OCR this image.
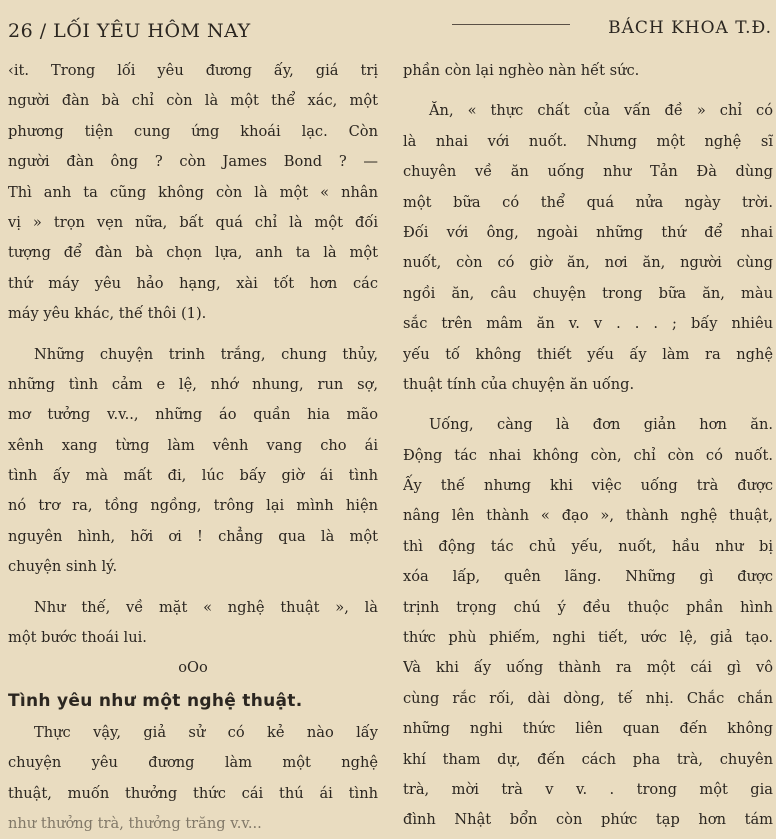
26 / LỐI YÊU HÔM NAY	BÁCH KHOA T.Đ.
‹it. Trong lối yêu đương ấy, giá trị
người đàn bà chỉ còn là một thể xác, một
phương tiện cung ứng khoái lạc. Còn
người đàn ông ? còn James Bond ? —
Thì anh ta cũng không còn là một « nhân
vị » trọn vẹn nữa, bất quá chỉ là một đối
tượng để đàn bà chọn lựa, anh ta là một
thứ máy yêu hảo hạng, xài tốt hơn các
máy yêu khác, thế thôi (1).
Những chuyện trinh trắng, chung thủy,
những tình cảm e lệ, nhớ nhung, run sợ,
mơ tưởng v.v.., những áo quần hia mão
xênh xang từng làm vênh vang cho ái
tình ấy mà mất đi, lúc bấy giờ ái tình
nó trơ ra, tồng ngồng, trông lại mình hiện
nguyên hình, hỡi ơi ! chẳng qua là một
chuyện sinh lý.
Như thế, về mặt « nghệ thuật », là
một bước thoái lui.
oOo
Tình yêu như một nghệ thuật.
Thực vậy, giả sử có kẻ nào lấy
chuyện yêu đương làm một nghệ
thuật, muốn thưởng thức cái thú ái tình
như thưởng trà, thưởng trăng v.v...
phần còn lại nghèo nàn hết sức.
Ăn, « thực chất của vấn đề » chỉ có
là nhai với nuốt. Nhưng một nghệ sĩ
chuyên về ăn uống như Tản Đà dùng
một bữa có thể quá nửa ngày trời.
Đối với ông, ngoài những thứ để nhai
nuốt, còn có giờ ăn, nơi ăn, người cùng
ngồi ăn, câu chuyện trong bữa ăn, màu
sắc trên mâm ăn v. v . . . ; bấy nhiêu
yếu tố không thiết yếu ấy làm ra nghệ
thuật tính của chuyện ăn uống.
Uống, càng là đơn giản hơn ăn.
Động tác nhai không còn, chỉ còn có nuốt.
Ấy thế nhưng khi việc uống trà được
nâng lên thành « đạo », thành nghệ thuật,
thì động tác chủ yếu, nuốt, hầu như bị
xóa lấp, quên lãng. Những gì được
trịnh trọng chú ý đều thuộc phần hình
thức phù phiếm, nghi tiết, ước lệ, giả tạo.
Và khi ấy uống thành ra một cái gì vô
cùng rắc rối, dài dòng, tế nhị. Chắc chắn
những nghi thức liên quan đến không
khí tham dự, đến cách pha trà, chuyên
trà, mời trà v v. . trong một gia
đình Nhật bổn còn phức tạp hơn tám
